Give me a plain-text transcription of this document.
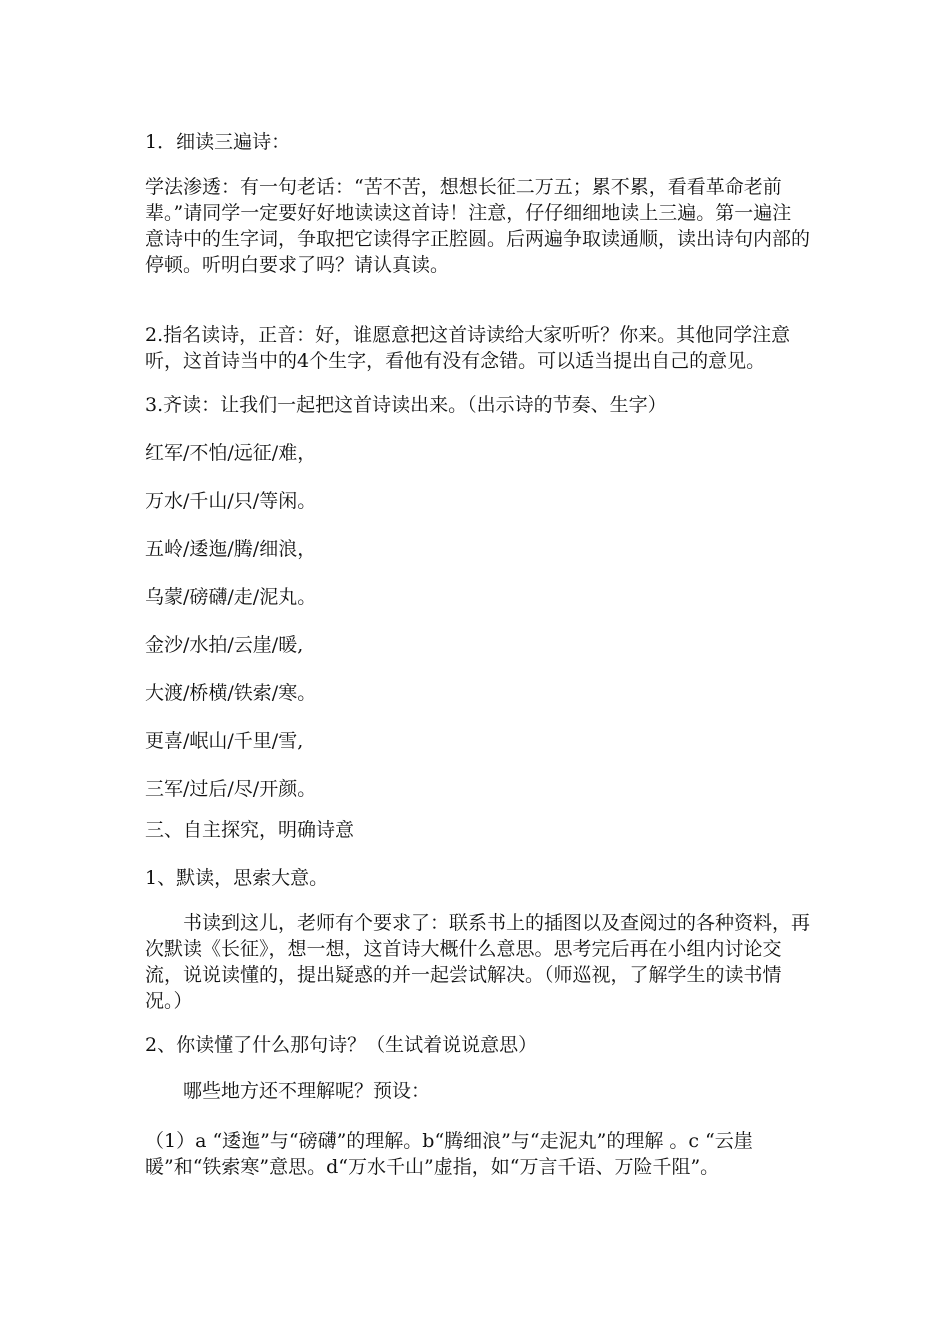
1．细读三遍诗：

学法渗透：有一句老话：“苦不苦，想想长征二万五；累不累，看看革命老前辈。”请同学一定要好好地读读这首诗！注意，仔仔细细地读上三遍。第一遍注意诗中的生字词，争取把它读得字正腔圆。后两遍争取读通顺，读出诗句内部的停顿。听明白要求了吗？请认真读。

2.指名读诗，正音：好，谁愿意把这首诗读给大家听听？你来。其他同学注意听，这首诗当中的4个生字，看他有没有念错。可以适当提出自己的意见。

3.齐读：让我们一起把这首诗读出来。（出示诗的节奏、生字）

红军/不怕/远征/难，

万水/千山/只/等闲。

五岭/逶迤/腾/细浪，

乌蒙/磅礴/走/泥丸。

金沙/水拍/云崖/暖,

大渡/桥横/铁索/寒。

更喜/岷山/千里/雪,

三军/过后/尽/开颜。

三、自主探究，明确诗意

1、默读，思索大意。

书读到这儿，老师有个要求了：联系书上的插图以及查阅过的各种资料，再次默读《长征》，想一想，这首诗大概什么意思。思考完后再在小组内讨论交流，说说读懂的，提出疑惑的并一起尝试解决。（师巡视，了解学生的读书情况。）

2、你读懂了什么那句诗？（生试着说说意思）

哪些地方还不理解呢？预设：

（1）a “逶迤”与“磅礴”的理解。b“腾细浪”与“走泥丸”的理解 。c “云崖暖”和“铁索寒”意思。d“万水千山”虚指，如“万言千语、万险千阻”。
